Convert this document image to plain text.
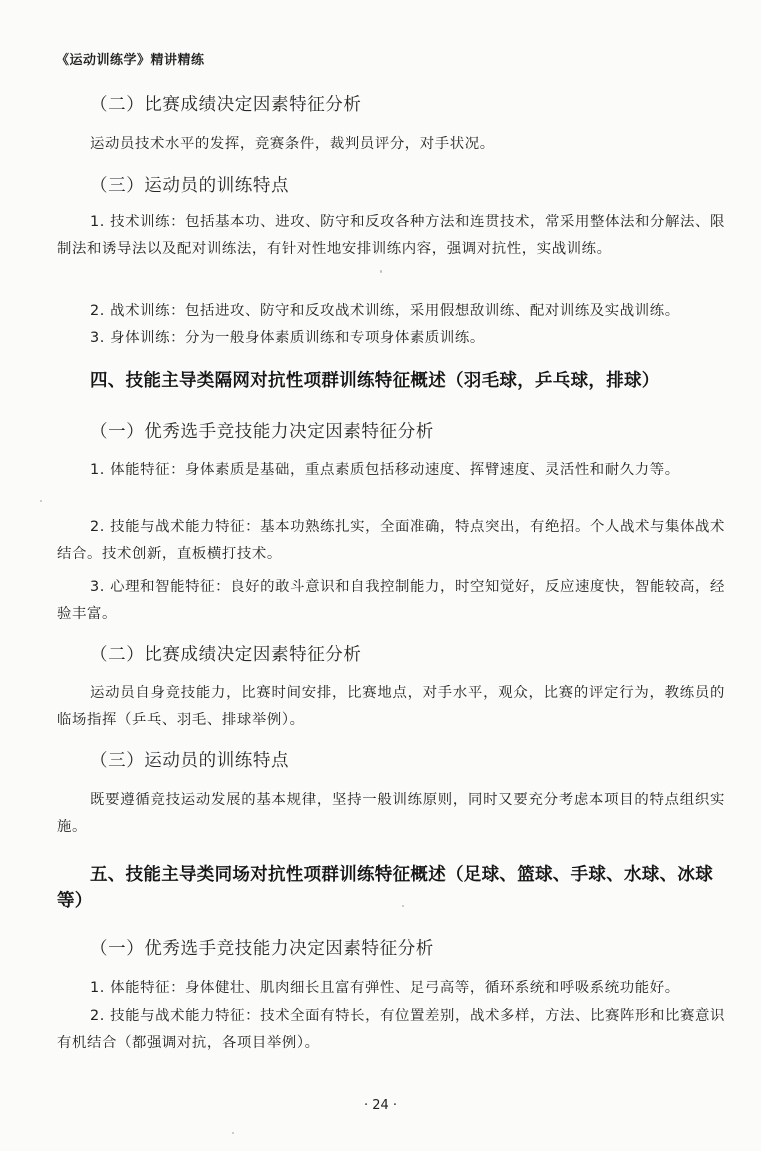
《运动训练学》精讲精练
（二）比赛成绩决定因素特征分析
运动员技术水平的发挥，竞赛条件，裁判员评分，对手状况。
（三）运动员的训练特点
1. 技术训练：包括基本功、进攻、防守和反攻各种方法和连贯技术，常采用整体法和分解法、限制法和诱导法以及配对训练法，有针对性地安排训练内容，强调对抗性，实战训练。
2. 战术训练：包括进攻、防守和反攻战术训练，采用假想敌训练、配对训练及实战训练。
3. 身体训练：分为一般身体素质训练和专项身体素质训练。
四、技能主导类隔网对抗性项群训练特征概述（羽毛球，乒乓球，排球）
（一）优秀选手竞技能力决定因素特征分析
1. 体能特征：身体素质是基础，重点素质包括移动速度、挥臂速度、灵活性和耐久力等。
2. 技能与战术能力特征：基本功熟练扎实，全面准确，特点突出，有绝招。个人战术与集体战术结合。技术创新，直板横打技术。
3. 心理和智能特征：良好的敢斗意识和自我控制能力，时空知觉好，反应速度快，智能较高，经验丰富。
（二）比赛成绩决定因素特征分析
运动员自身竞技能力，比赛时间安排，比赛地点，对手水平，观众，比赛的评定行为，教练员的临场指挥（乒乓、羽毛、排球举例）。
（三）运动员的训练特点
既要遵循竞技运动发展的基本规律，坚持一般训练原则，同时又要充分考虑本项目的特点组织实施。
五、技能主导类同场对抗性项群训练特征概述（足球、篮球、手球、水球、冰球等）
（一）优秀选手竞技能力决定因素特征分析
1. 体能特征：身体健壮、肌肉细长且富有弹性、足弓高等，循环系统和呼吸系统功能好。
2. 技能与战术能力特征：技术全面有特长，有位置差别，战术多样，方法、比赛阵形和比赛意识有机结合（都强调对抗，各项目举例）。
· 24 ·
